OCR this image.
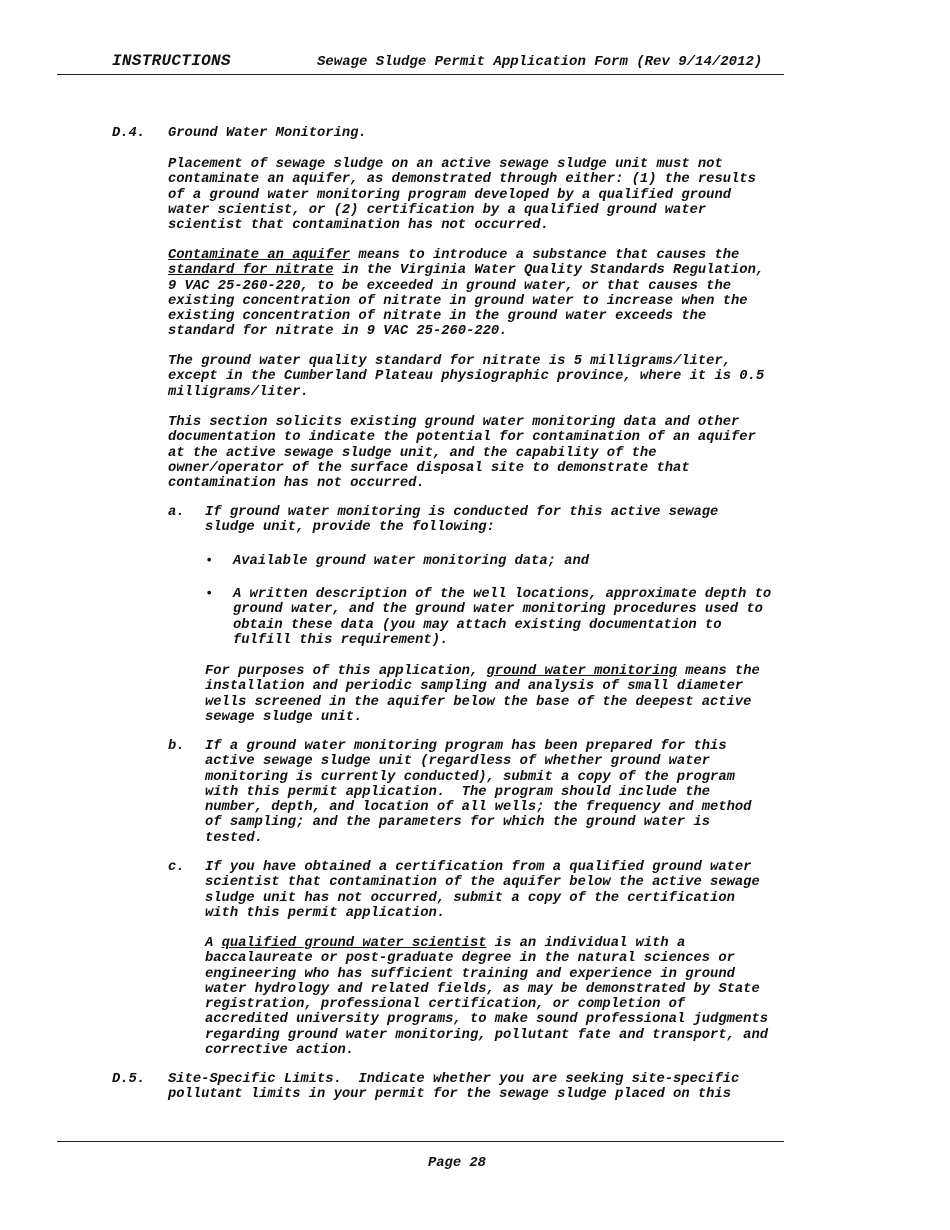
INSTRUCTIONS	Sewage Sludge Permit Application Form (Rev 9/14/2012)
D.4. Ground Water Monitoring.
Placement of sewage sludge on an active sewage sludge unit must not
contaminate an aquifer, as demonstrated through either: (1) the results
of a ground water monitoring program developed by a qualified ground
water scientist, or (2) certification by a qualified ground water
scientist that contamination has not occurred.
Contaminate an aquifer means to introduce a substance that causes the
standard for nitrate in the Virginia Water Quality Standards Regulation,
9 VAC 25-260-220, to be exceeded in ground water, or that causes the
existing concentration of nitrate in ground water to increase when the
existing concentration of nitrate in the ground water exceeds the
standard for nitrate in 9 VAC 25-260-220.
The ground water quality standard for nitrate is 5 milligrams/liter,
except in the Cumberland Plateau physiographic province, where it is 0.5
milligrams/liter.
This section solicits existing ground water monitoring data and other
documentation to indicate the potential for contamination of an aquifer
at the active sewage sludge unit, and the capability of the
owner/operator of the surface disposal site to demonstrate that
contamination has not occurred.
a. If ground water monitoring is conducted for this active sewage
sludge unit, provide the following:
• Available ground water monitoring data; and
• A written description of the well locations, approximate depth to
ground water, and the ground water monitoring procedures used to
obtain these data (you may attach existing documentation to
fulfill this requirement).
For purposes of this application, ground water monitoring means the
installation and periodic sampling and analysis of small diameter
wells screened in the aquifer below the base of the deepest active
sewage sludge unit.
b. If a ground water monitoring program has been prepared for this
active sewage sludge unit (regardless of whether ground water
monitoring is currently conducted), submit a copy of the program
with this permit application.  The program should include the
number, depth, and location of all wells; the frequency and method
of sampling; and the parameters for which the ground water is
tested.
c. If you have obtained a certification from a qualified ground water
scientist that contamination of the aquifer below the active sewage
sludge unit has not occurred, submit a copy of the certification
with this permit application.
A qualified ground water scientist is an individual with a
baccalaureate or post-graduate degree in the natural sciences or
engineering who has sufficient training and experience in ground
water hydrology and related fields, as may be demonstrated by State
registration, professional certification, or completion of
accredited university programs, to make sound professional judgments
regarding ground water monitoring, pollutant fate and transport, and
corrective action.
D.5. Site-Specific Limits.  Indicate whether you are seeking site-specific
pollutant limits in your permit for the sewage sludge placed on this
Page 28
